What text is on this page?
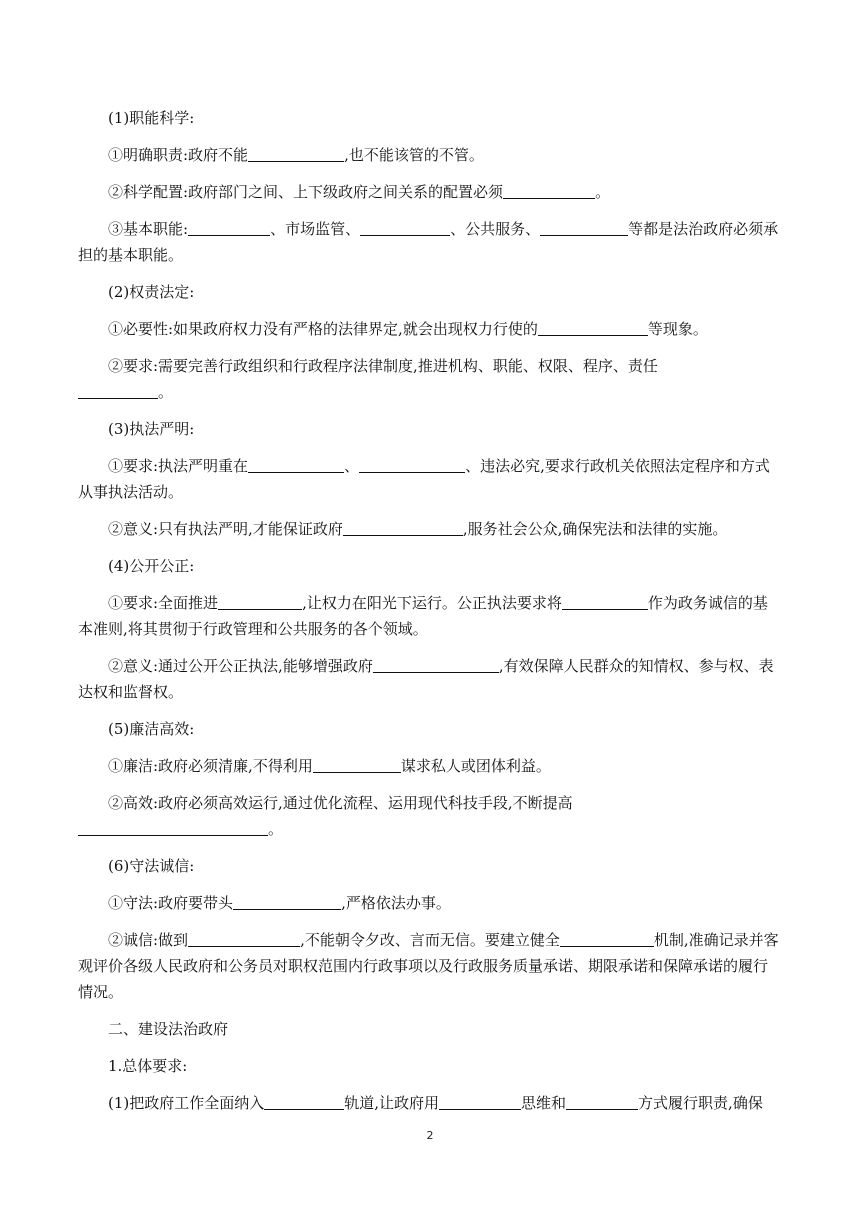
(1)职能科学:

①明确职责:政府不能	,也不能该管的不管。

②科学配置:政府部门之间、上下级政府之间关系的配置必须	。

③基本职能:	、市场监管、	、公共服务、	等都是法治政府必须承

担的基本职能。

(2)权责法定:

①必要性:如果政府权力没有严格的法律界定,就会出现权力行使的	等现象。

②要求:需要完善行政组织和行政程序法律制度,推进机构、职能、权限、程序、责任

。

(3)执法严明:

①要求:执法严明重在	、	、违法必究,要求行政机关依照法定程序和方式

从事执法活动。

②意义:只有执法严明,才能保证政府	,服务社会公众,确保宪法和法律的实施。

(4)公开公正:

①要求:全面推进	,让权力在阳光下运行。公正执法要求将	作为政务诚信的基

本准则,将其贯彻于行政管理和公共服务的各个领域。

②意义:通过公开公正执法,能够增强政府	,有效保障人民群众的知情权、参与权、表

达权和监督权。

(5)廉洁高效:

①廉洁:政府必须清廉,不得利用	谋求私人或团体利益。

②高效:政府必须高效运行,通过优化流程、运用现代科技手段,不断提高

。

(6)守法诚信:

①守法:政府要带头	,严格依法办事。

②诚信:做到	,不能朝令夕改、言而无信。要建立健全	机制,准确记录并客

观评价各级人民政府和公务员对职权范围内行政事项以及行政服务质量承诺、期限承诺和保障承诺的履行

情况。

二、建设法治政府

1.总体要求:

(1)把政府工作全面纳入	轨道,让政府用	思维和	方式履行职责,确保

2
